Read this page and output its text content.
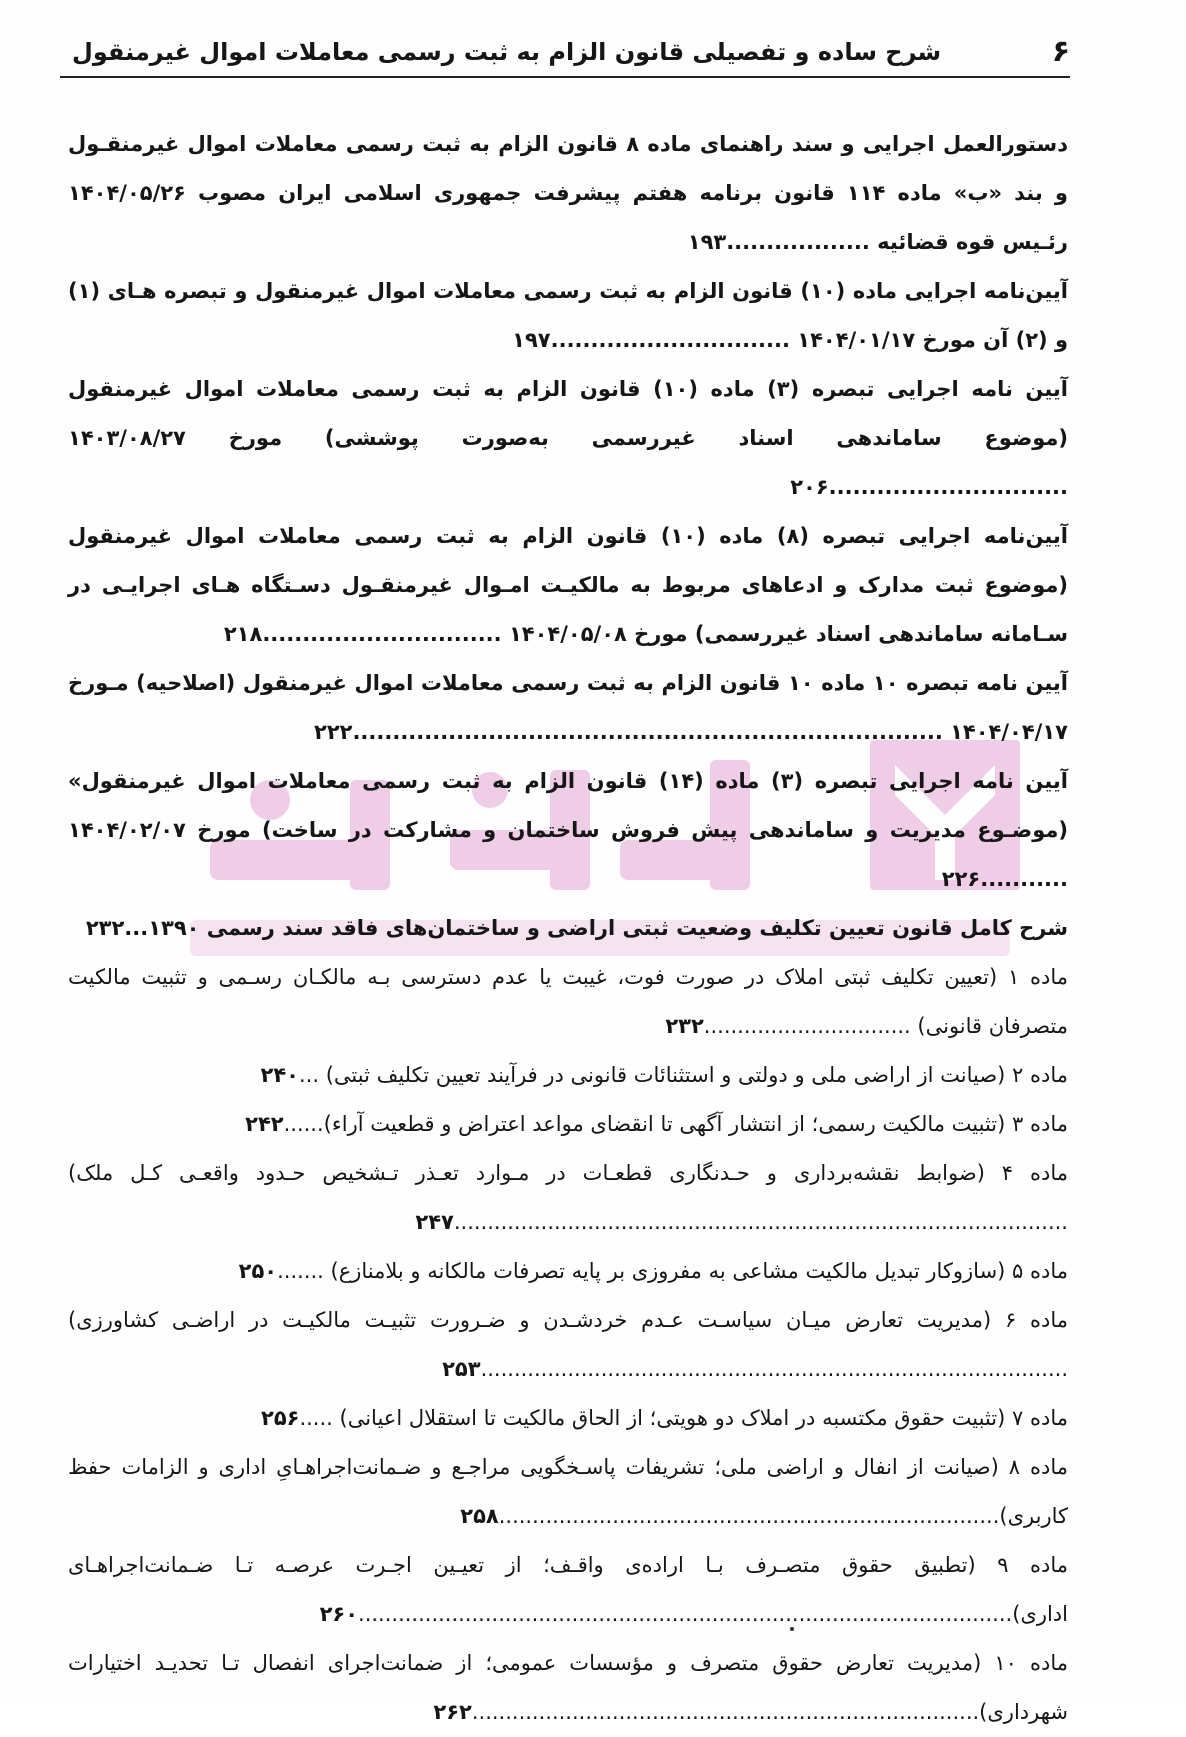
۶
شرح ساده و تفصیلی قانون الزام به ثبت رسمی معاملات اموال غیرمنقول

دستورالعمل اجرایی و سند راهنمای ماده ۸ قانون الزام به ثبت رسمی معاملات اموال غیرمنقـول و بند «ب» ماده ۱۱۴ قانون برنامه هفتم پیشرفت جمهوری اسلامی ایران مصوب ۱۴۰۴/۰۵/۲۶ رئـیس قوه قضائیه ..................۱۹۳

آیین‌نامه اجرایی ماده (۱۰) قانون الزام به ثبت رسمی معاملات اموال غیرمنقول و تبصره هـای (۱) و (۲) آن مورخ ۱۴۰۴/۰۱/۱۷ ..............................۱۹۷

آیین نامه اجرایی تبصره (۳) ماده (۱۰) قانون الزام به ثبت رسمی معاملات اموال غیرمنقول (موضوع ساماندهی اسناد غیررسمی به‌صورت پوششی) مورخ ۱۴۰۳/۰۸/۲۷ ..............................۲۰۶

آیین‌نامه اجرایی تبصره (۸) ماده (۱۰) قانون الزام به ثبت رسمی معاملات اموال غیرمنقول (موضوع ثبت مدارک و ادعاهای مربوط به مالکیـت امـوال غیرمنقـول دسـتگاه هـای اجرایـی در سـامانه ساماندهی اسناد غیررسمی) مورخ ۱۴۰۴/۰۵/۰۸ ..............................۲۱۸

آیین نامه تبصره ۱۰ ماده ۱۰ قانون الزام به ثبت رسمی معاملات اموال غیرمنقول (اصلاحیه) مـورخ ۱۴۰۴/۰۴/۱۷ ..........................................................................۲۲۲

آیین نامه اجرایی تبصره (۳) ماده (۱۴) قانون الزام به ثبت رسمی معاملات اموال غیرمنقول» (موضـوع مدیریت و ساماندهی پیش فروش ساختمان و مشارکت در ساخت) مورخ ۱۴۰۴/۰۲/۰۷ ...........۲۲۶

شرح کامل قانون تعیین تکلیف وضعیت ثبتی اراضی و ساختمان‌های فاقد سند رسمی ۱۳۹۰...۲۳۲

ماده ۱ (تعیین تکلیف ثبتی املاک در صورت فوت، غیبت یا عدم دسترسی بـه مالکـان رسـمی و تثبیت مالکیت متصرفان قانونی) ...............................۲۳۲

ماده ۲ (صیانت از اراضی ملی و دولتی و استثنائات قانونی در فرآیند تعیین تکلیف ثبتی) ...۲۴۰

ماده ۳ (تثبیت مالکیت رسمی؛ از انتشار آگهی تا انقضای مواعد اعتراض و قطعیت آراء)......۲۴۲

ماده ۴ (ضوابط نقشه‌برداری و حـدنگاری قطعـات در مـوارد تعـذر تـشخیص حـدود واقعـی کـل ملک) ............................................................................................۲۴۷

ماده ۵ (سازوکار تبدیل مالکیت مشاعی به مفروزی بر پایه تصرفات مالکانه و بلامنازع) .......۲۵۰

ماده ۶ (مدیریت تعارض میـان سیاسـت عـدم خردشـدن و ضـرورت تثبیـت مالکیـت در اراضـی کشاورزی) ........................................................................................۲۵۳

ماده ۷ (تثبیت حقوق مکتسبه در املاک دو هویتی؛ از الحاق مالکیت تا استقلال اعیانی) .....۲۵۶

ماده ۸ (صیانت از انفال و اراضی ملی؛ تشریفات پاسـخگویی مراجـع و ضـمانت‌اجراهـایِ اداری و الزامات حفظ کاربری)...........................................................................۲۵۸

ماده ۹ (تطبیق حقوق متصـرف بـا اراده‌ی واقـف؛ از تعیـین اجـرت عرصـه تـا ضـمانت‌اجراهـای اداری)..................................................................................................۲۶۰

ماده ۱۰ (مدیریت تعارض حقوق متصرف و مؤسسات عمومی؛ از ضمانت‌اجرای انفصال تـا تحدیـد اختیارات شهرداری)............................................................................۲۶۲
